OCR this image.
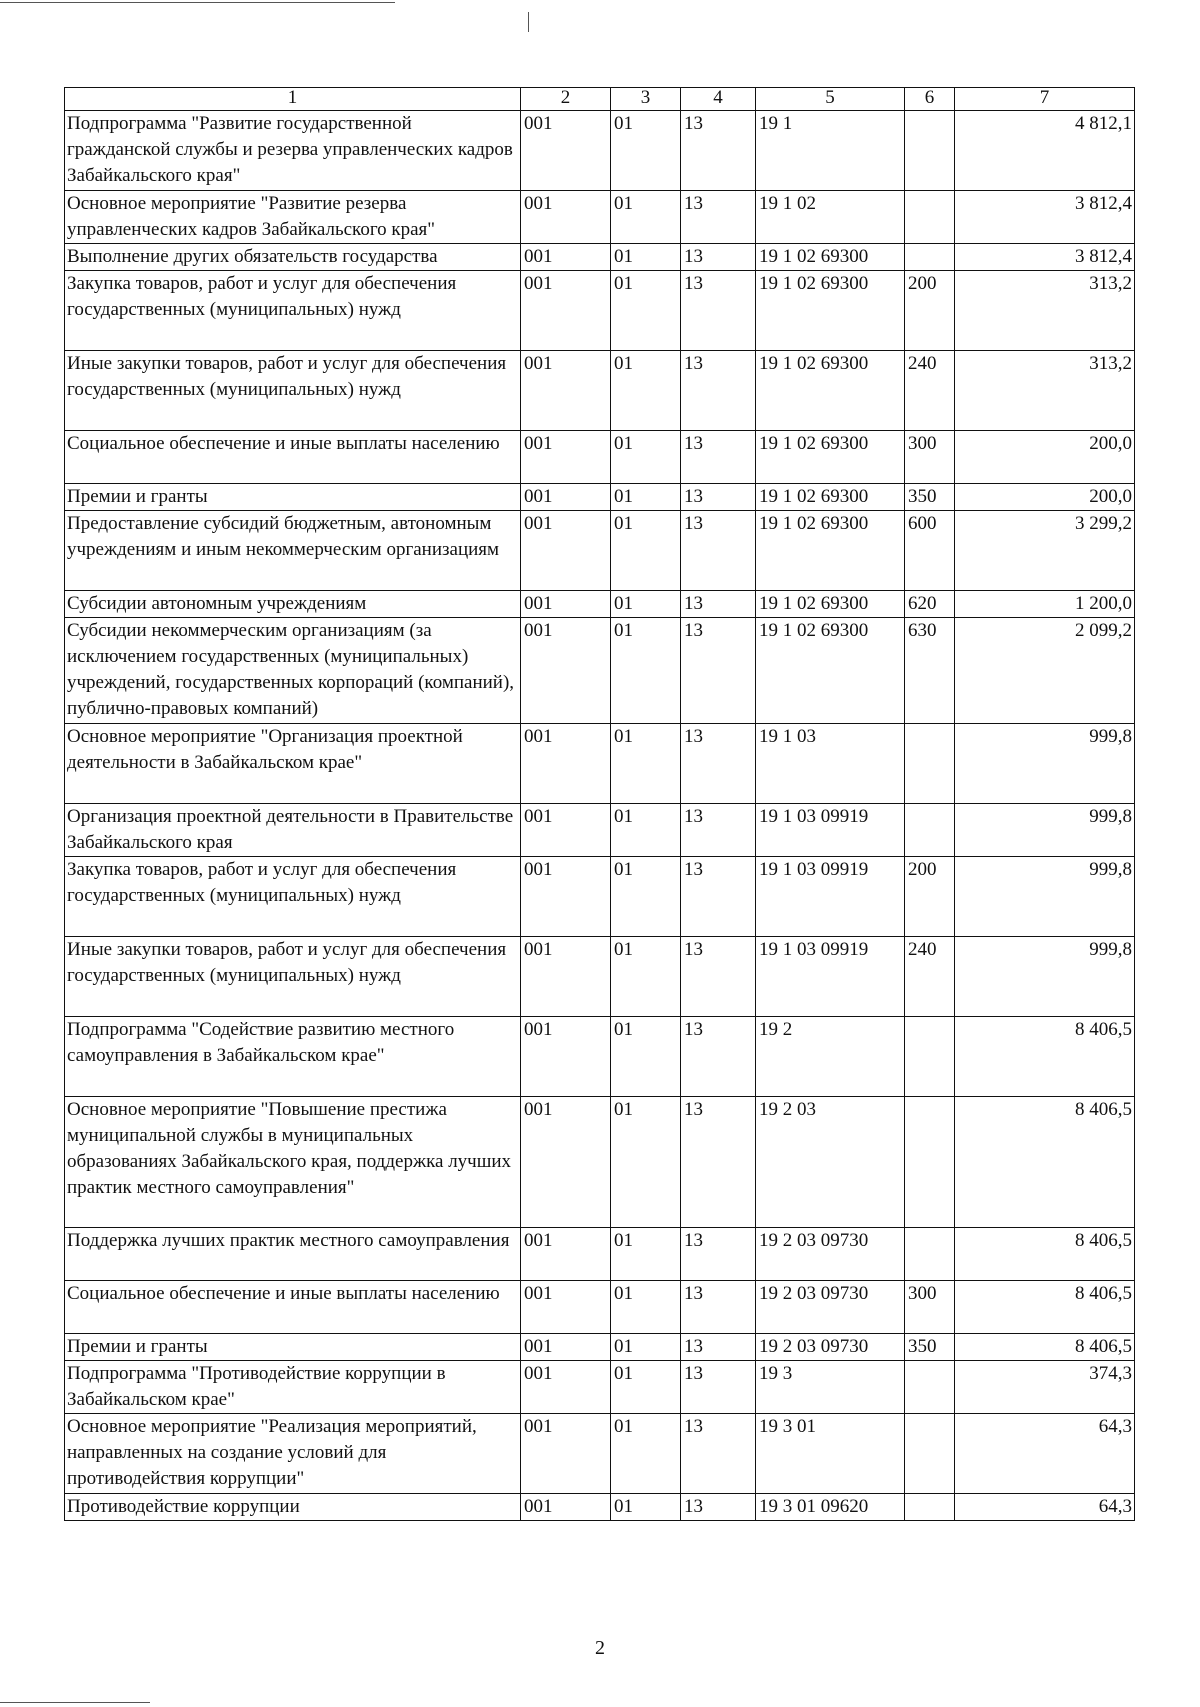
1	2	3	4	5	6	7
Подпрограмма "Развитие государственной гражданской службы и резерва управленческих кадров Забайкальского края"	001	01	13	19 1		4 812,1
Основное мероприятие "Развитие резерва управленческих кадров Забайкальского края"	001	01	13	19 1 02		3 812,4
Выполнение других обязательств государства	001	01	13	19 1 02 69300		3 812,4
Закупка товаров, работ и услуг для обеспечения государственных (муниципальных) нужд	001	01	13	19 1 02 69300	200	313,2
Иные закупки товаров, работ и услуг для обеспечения государственных (муниципальных) нужд	001	01	13	19 1 02 69300	240	313,2
Социальное обеспечение и иные выплаты населению	001	01	13	19 1 02 69300	300	200,0
Премии и гранты	001	01	13	19 1 02 69300	350	200,0
Предоставление субсидий бюджетным, автономным учреждениям и иным некоммерческим организациям	001	01	13	19 1 02 69300	600	3 299,2
Субсидии автономным учреждениям	001	01	13	19 1 02 69300	620	1 200,0
Субсидии некоммерческим организациям (за исключением государственных (муниципальных) учреждений, государственных корпораций (компаний), публично-правовых компаний)	001	01	13	19 1 02 69300	630	2 099,2
Основное мероприятие "Организация проектной деятельности в Забайкальском крае"	001	01	13	19 1 03		999,8
Организация проектной деятельности в Правительстве Забайкальского края	001	01	13	19 1 03 09919		999,8
Закупка товаров, работ и услуг для обеспечения государственных (муниципальных) нужд	001	01	13	19 1 03 09919	200	999,8
Иные закупки товаров, работ и услуг для обеспечения государственных (муниципальных) нужд	001	01	13	19 1 03 09919	240	999,8
Подпрограмма "Содействие развитию местного самоуправления в Забайкальском крае"	001	01	13	19 2		8 406,5
Основное мероприятие "Повышение престижа муниципальной службы в муниципальных образованиях Забайкальского края, поддержка лучших практик местного самоуправления"	001	01	13	19 2 03		8 406,5
Поддержка лучших практик местного самоуправления	001	01	13	19 2 03 09730		8 406,5
Социальное обеспечение и иные выплаты населению	001	01	13	19 2 03 09730	300	8 406,5
Премии и гранты	001	01	13	19 2 03 09730	350	8 406,5
Подпрограмма "Противодействие коррупции в Забайкальском крае"	001	01	13	19 3		374,3
Основное мероприятие "Реализация мероприятий, направленных на создание условий для противодействия коррупции"	001	01	13	19 3 01		64,3
Противодействие коррупции	001	01	13	19 3 01 09620		64,3
2
